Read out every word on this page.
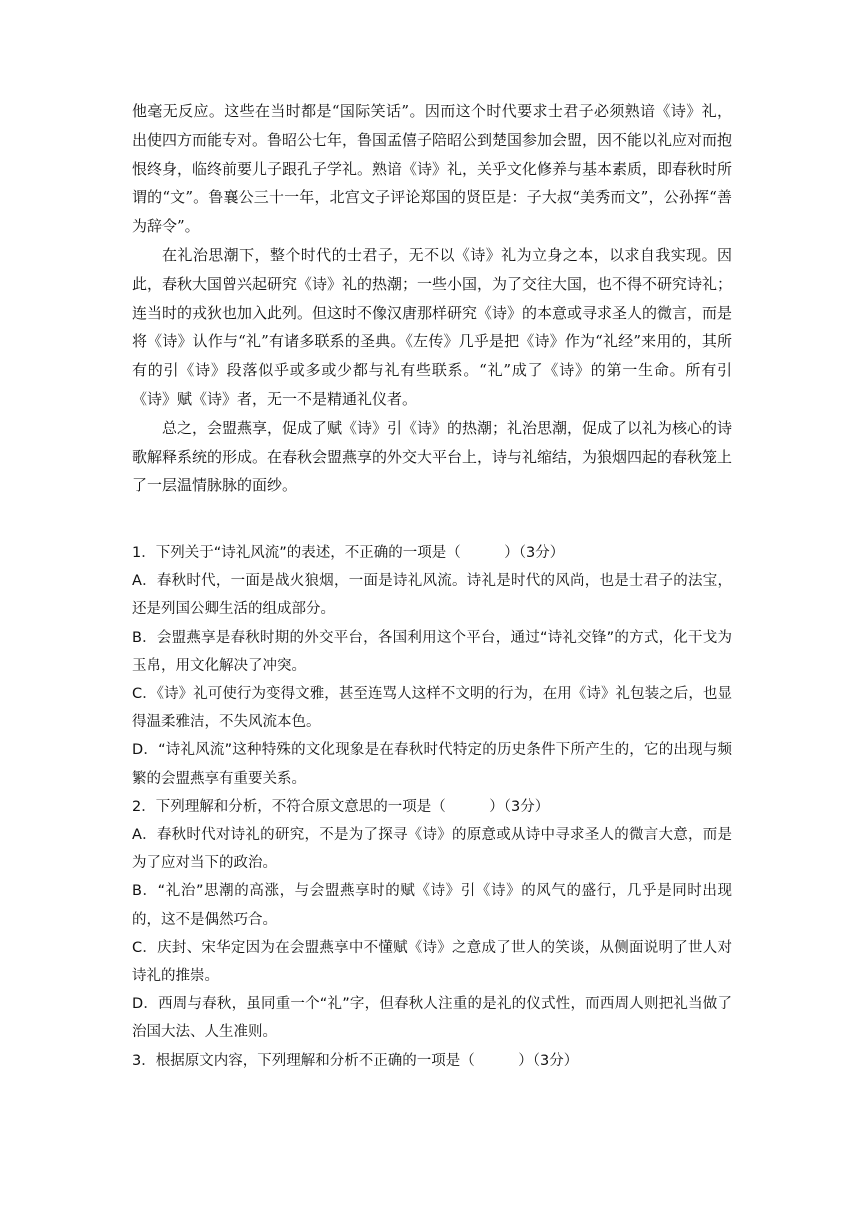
他毫无反应。这些在当时都是“国际笑话”。因而这个时代要求士君子必须熟谙《诗》礼，出使四方而能专对。鲁昭公七年，鲁国孟僖子陪昭公到楚国参加会盟，因不能以礼应对而抱恨终身，临终前要儿子跟孔子学礼。熟谙《诗》礼，关乎文化修养与基本素质，即春秋时所谓的“文”。鲁襄公三十一年，北宫文子评论郑国的贤臣是：子大叔“美秀而文”，公孙挥“善为辞令”。

在礼治思潮下，整个时代的士君子，无不以《诗》礼为立身之本，以求自我实现。因此，春秋大国曾兴起研究《诗》礼的热潮；一些小国，为了交往大国，也不得不研究诗礼；连当时的戎狄也加入此列。但这时不像汉唐那样研究《诗》的本意或寻求圣人的微言，而是将《诗》认作与“礼”有诸多联系的圣典。《左传》几乎是把《诗》作为“礼经”来用的，其所有的引《诗》段落似乎或多或少都与礼有些联系。“礼”成了《诗》的第一生命。所有引《诗》赋《诗》者，无一不是精通礼仪者。

总之，会盟燕享，促成了赋《诗》引《诗》的热潮；礼治思潮，促成了以礼为核心的诗歌解释系统的形成。在春秋会盟燕享的外交大平台上，诗与礼缩结，为狼烟四起的春秋笼上了一层温情脉脉的面纱。

1．下列关于“诗礼风流”的表述，不正确的一项是（　　　）（3分）

A．春秋时代，一面是战火狼烟，一面是诗礼风流。诗礼是时代的风尚，也是士君子的法宝，还是列国公卿生活的组成部分。

B．会盟燕享是春秋时期的外交平台，各国利用这个平台，通过“诗礼交锋”的方式，化干戈为玉帛，用文化解决了冲突。

C．《诗》礼可使行为变得文雅，甚至连骂人这样不文明的行为，在用《诗》礼包装之后，也显得温柔雅洁，不失风流本色。

D．“诗礼风流”这种特殊的文化现象是在春秋时代特定的历史条件下所产生的，它的出现与频繁的会盟燕享有重要关系。

2．下列理解和分析，不符合原文意思的一项是（　　　）（3分）

A．春秋时代对诗礼的研究，不是为了探寻《诗》的原意或从诗中寻求圣人的微言大意，而是为了应对当下的政治。

B．“礼治”思潮的高涨，与会盟燕享时的赋《诗》引《诗》的风气的盛行，几乎是同时出现的，这不是偶然巧合。

C．庆封、宋华定因为在会盟燕享中不懂赋《诗》之意成了世人的笑谈，从侧面说明了世人对诗礼的推崇。

D．西周与春秋，虽同重一个“礼”字，但春秋人注重的是礼的仪式性，而西周人则把礼当做了治国大法、人生准则。

3．根据原文内容，下列理解和分析不正确的一项是（　　　）（3分）
